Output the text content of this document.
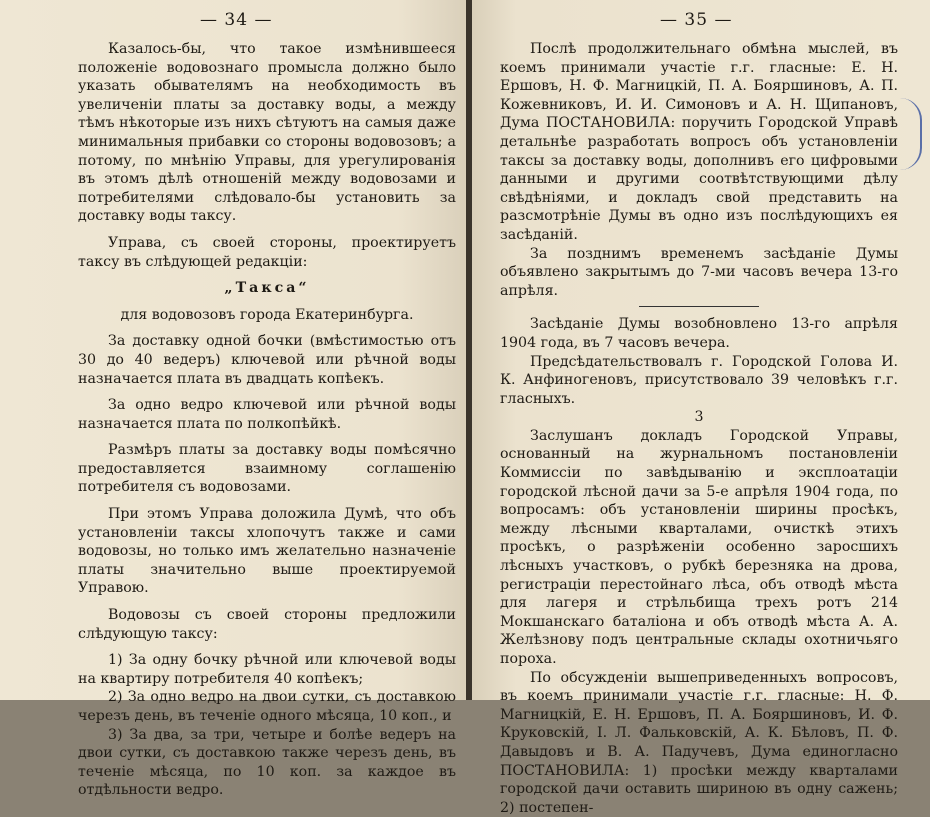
— 34 —

Казалось-бы, что такое измѣнившееся положеніе водовознаго промысла должно было указать обывателямъ на необходимость въ увеличеніи платы за доставку воды, а между тѣмъ нѣкоторые изъ нихъ сѣтуютъ на самыя даже минимальныя прибавки со стороны водовозовъ; а потому, по мнѣнію Управы, для урегулированія въ этомъ дѣлѣ отношеній между водовозами и потребителями слѣдовало-бы установить за доставку воды таксу.

Управа, съ своей стороны, проектируетъ таксу въ слѣдующей редакціи:

„Такса“

для водовозовъ города Екатеринбурга.

За доставку одной бочки (вмѣстимостью отъ 30 до 40 ведеръ) ключевой или рѣчной воды назначается плата въ двадцать копѣекъ.

За одно ведро ключевой или рѣчной воды назначается плата по полкопѣйкѣ.

Размѣръ платы за доставку воды помѣсячно предоставляется взаимному соглашенію потребителя съ водовозами.

При этомъ Управа доложила Думѣ, что объ установленіи таксы хлопочутъ также и сами водовозы, но только имъ желательно назначеніе платы значительно выше проектируемой Управою.

Водовозы съ своей стороны предложили слѣдующую таксу:

1) За одну бочку рѣчной или ключевой воды на квартиру потребителя 40 копѣекъ;

2) За одно ведро на двои сутки, съ доставкою черезъ день, въ теченіе одного мѣсяца, 10 коп., и

3) За два, за три, четыре и болѣе ведеръ на двои сутки, съ доставкою также черезъ день, въ теченіе мѣсяца, по 10 коп. за каждое въ отдѣльности ведро.

— 35 —

Послѣ продолжительнаго обмѣна мыслей, въ коемъ принимали участіе г.г. гласные: Е. Н. Ершовъ, Н. Ф. Магницкій, П. А. Бояршиновъ, А. П. Кожевниковъ, И. И. Симоновъ и А. Н. Щипановъ, Дума ПОСТАНОВИЛА: поручить Городской Управѣ детальнѣе разработать вопросъ объ установленіи таксы за доставку воды, дополнивъ его цифровыми данными и другими соотвѣтствующими дѣлу свѣдѣніями, и докладъ свой представить на разсмотрѣніе Думы въ одно изъ послѣдующихъ ея засѣданій.

За позднимъ временемъ засѣданіе Думы объявлено закрытымъ до 7-ми часовъ вечера 13-го апрѣля.

Засѣданіе Думы возобновлено 13-го апрѣля 1904 года, въ 7 часовъ вечера.

Предсѣдательствовалъ г. Городской Голова И. К. Анфиногеновъ, присутствовало 39 человѣкъ г.г. гласныхъ.

3

Заслушанъ докладъ Городской Управы, основанный на журнальномъ постановленіи Коммиссіи по завѣдыванію и эксплоатаціи городской лѣсной дачи за 5-е апрѣля 1904 года, по вопросамъ: объ установленіи ширины просѣкъ, между лѣсными кварталами, очисткѣ этихъ просѣкъ, о разрѣженіи особенно заросшихъ лѣсныхъ участковъ, о рубкѣ березняка на дрова, регистраціи перестойнаго лѣса, объ отводѣ мѣста для лагеря и стрѣльбища трехъ ротъ 214 Мокшанскаго баталіона и объ отводѣ мѣста А. А. Желѣзнову подъ центральные склады охотничьяго пороха.

По обсужденіи вышеприведенныхъ вопросовъ, въ коемъ принимали участіе г.г. гласные: Н. Ф. Магницкій, Е. Н. Ершовъ, П. А. Бояршиновъ, И. Ф. Круковскій, І. Л. Фальковскій, А. К. Бѣловъ, П. Ф. Давыдовъ и В. А. Падучевъ, Дума единогласно ПОСТАНОВИЛА: 1) просѣки между кварталами городской дачи оставить шириною въ одну сажень; 2) постепен-
